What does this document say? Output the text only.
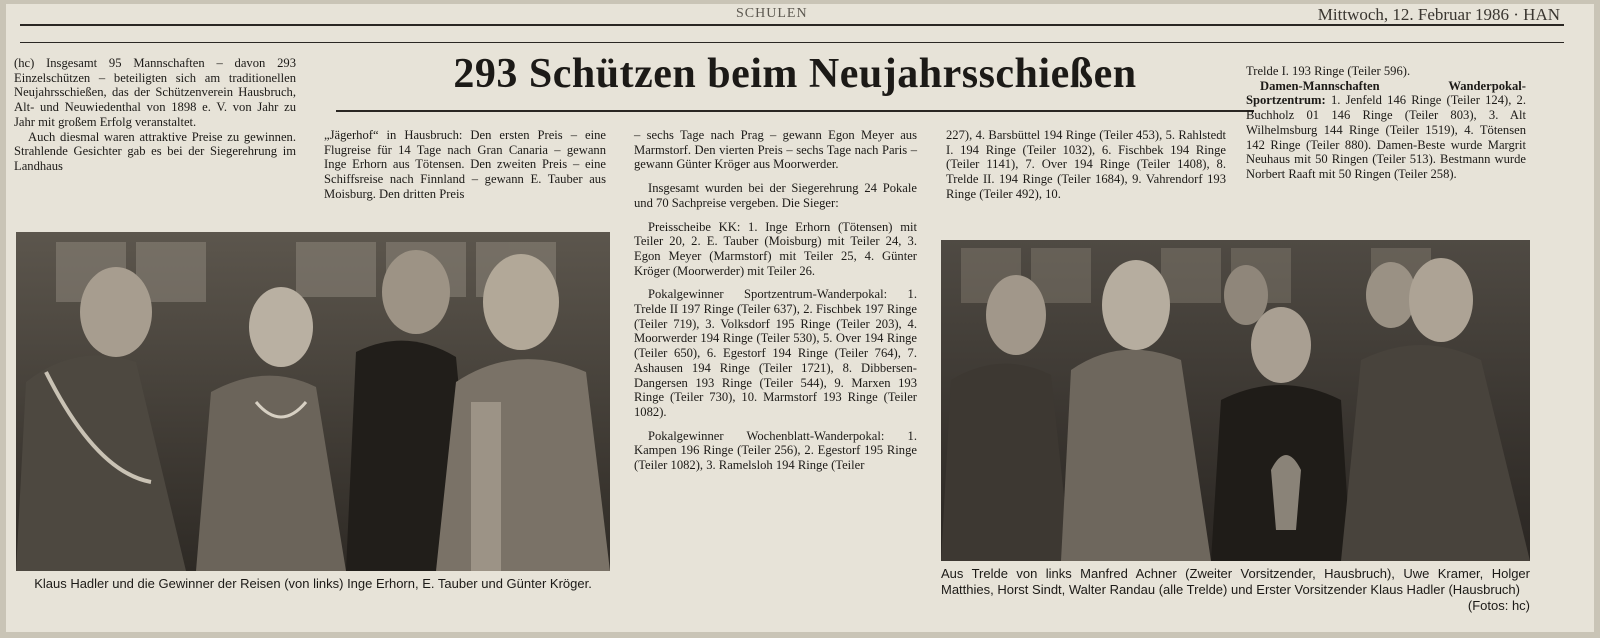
SCHULEN	Mittwoch, 12. Februar 1986 · HAN
293 Schützen beim Neujahrsschießen

(hc) Insgesamt 95 Mannschaften – davon 293 Einzelschützen – beteiligten sich am traditionellen Neujahrsschießen, das der Schützenverein Hausbruch, Alt- und Neuwiedenthal von 1898 e. V. von Jahr zu Jahr mit großem Erfolg veranstaltet.

Auch diesmal waren attraktive Preise zu gewinnen. Strahlende Gesichter gab es bei der Siegerehrung im Landhaus

„Jägerhof“ in Hausbruch: Den ersten Preis – eine Flugreise für 14 Tage nach Gran Canaria – gewann Inge Erhorn aus Tötensen. Den zweiten Preis – eine Schiffsreise nach Finnland – gewann E. Tauber aus Moisburg. Den dritten Preis

– sechs Tage nach Prag – gewann Egon Meyer aus Marmstorf. Den vierten Preis – sechs Tage nach Paris – gewann Günter Kröger aus Moorwerder.

Insgesamt wurden bei der Siegerehrung 24 Pokale und 70 Sachpreise vergeben. Die Sieger:

Preisscheibe KK: 1. Inge Erhorn (Tötensen) mit Teiler 20, 2. E. Tauber (Moisburg) mit Teiler 24, 3. Egon Meyer (Marmstorf) mit Teiler 25, 4. Günter Kröger (Moorwerder) mit Teiler 26.

Pokalgewinner Sportzentrum-Wanderpokal: 1. Trelde II 197 Ringe (Teiler 637), 2. Fischbek 197 Ringe (Teiler 719), 3. Volksdorf 195 Ringe (Teiler 203), 4. Moorwerder 194 Ringe (Teiler 530), 5. Over 194 Ringe (Teiler 650), 6. Egestorf 194 Ringe (Teiler 764), 7. Ashausen 194 Ringe (Teiler 1721), 8. Dibbersen-Dangersen 193 Ringe (Teiler 544), 9. Marxen 193 Ringe (Teiler 730), 10. Marmstorf 193 Ringe (Teiler 1082).

Pokalgewinner Wochenblatt-Wanderpokal: 1. Kampen 196 Ringe (Teiler 256), 2. Egestorf 195 Ringe (Teiler 1082), 3. Ramelsloh 194 Ringe (Teiler

227), 4. Barsbüttel 194 Ringe (Teiler 453), 5. Rahlstedt I. 194 Ringe (Teiler 1032), 6. Fischbek 194 Ringe (Teiler 1141), 7. Over 194 Ringe (Teiler 1408), 8. Trelde II. 194 Ringe (Teiler 1684), 9. Vahrendorf 193 Ringe (Teiler 492), 10.

Trelde I. 193 Ringe (Teiler 596).

Damen-Mannschaften Wanderpokal-Sportzentrum: 1. Jenfeld 146 Ringe (Teiler 124), 2. Buchholz 01 146 Ringe (Teiler 803), 3. Alt Wilhelmsburg 144 Ringe (Teiler 1519), 4. Tötensen 142 Ringe (Teiler 880). Damen-Beste wurde Margrit Neuhaus mit 50 Ringen (Teiler 513). Bestmann wurde Norbert Raaft mit 50 Ringen (Teiler 258).

Klaus Hadler und die Gewinner der Reisen (von links) Inge Erhorn, E. Tauber und Günter Kröger.

Aus Trelde von links Manfred Achner (Zweiter Vorsitzender, Hausbruch), Uwe Kramer, Holger Matthies, Horst Sindt, Walter Randau (alle Trelde) und Erster Vorsitzender Klaus Hadler (Hausbruch)
(Fotos: hc)
